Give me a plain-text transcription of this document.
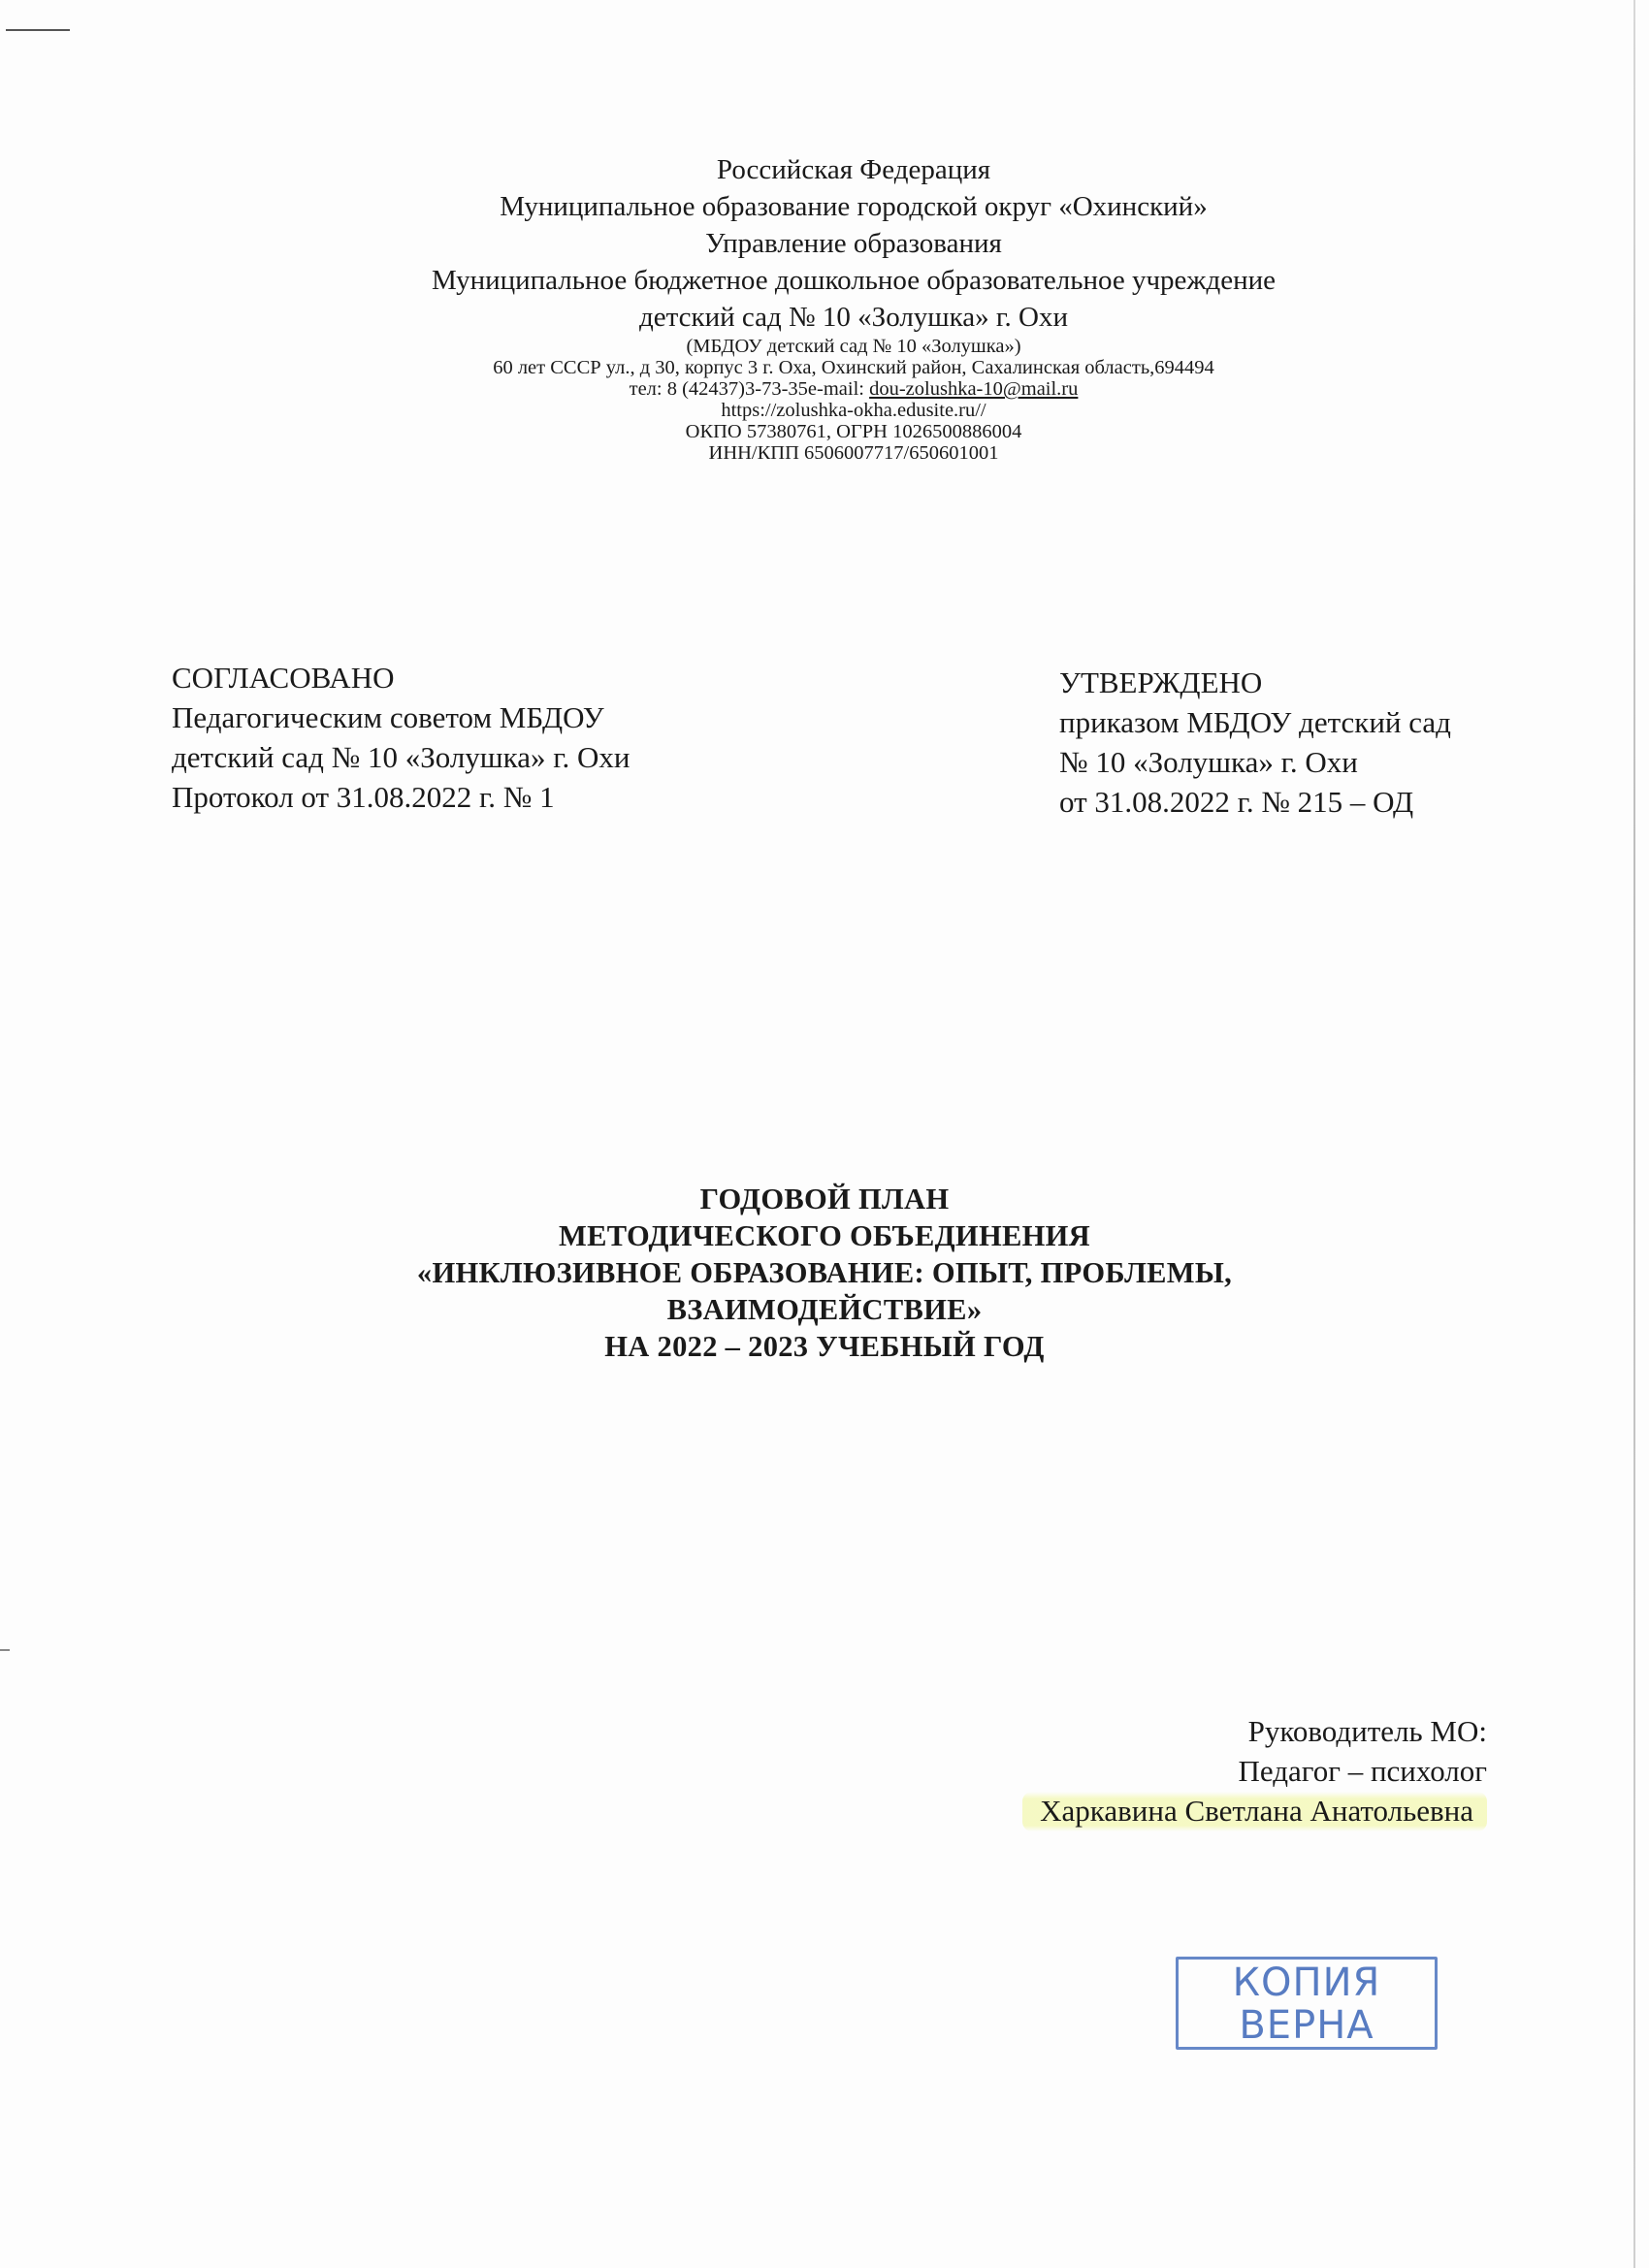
Российская Федерация
Муниципальное образование городской округ «Охинский»
Управление образования
Муниципальное бюджетное дошкольное образовательное учреждение
детский сад № 10 «Золушка» г. Охи
(МБДОУ детский сад № 10 «Золушка»)
60 лет СССР ул., д 30, корпус 3 г. Оха, Охинский район, Сахалинская область,694494
тел: 8 (42437)3-73-35e-mail: dou-zolushka-10@mail.ru
https://zolushka-okha.edusite.ru//
ОКПО 57380761, ОГРН 1026500886004
ИНН/КПП 6506007717/650601001
СОГЛАСОВАНО
Педагогическим советом МБДОУ
детский сад № 10 «Золушка» г. Охи
Протокол от 31.08.2022 г. № 1
УТВЕРЖДЕНО
приказом МБДОУ детский сад
№ 10 «Золушка» г. Охи
от 31.08.2022 г. № 215 – ОД
ГОДОВОЙ ПЛАН
МЕТОДИЧЕСКОГО ОБЪЕДИНЕНИЯ
«ИНКЛЮЗИВНОЕ ОБРАЗОВАНИЕ: ОПЫТ, ПРОБЛЕМЫ,
ВЗАИМОДЕЙСТВИЕ»
НА 2022 – 2023 УЧЕБНЫЙ ГОД
Руководитель МО:
Педагог – психолог
Харкавина Светлана Анатольевна
КОПИЯ
ВЕРНА
